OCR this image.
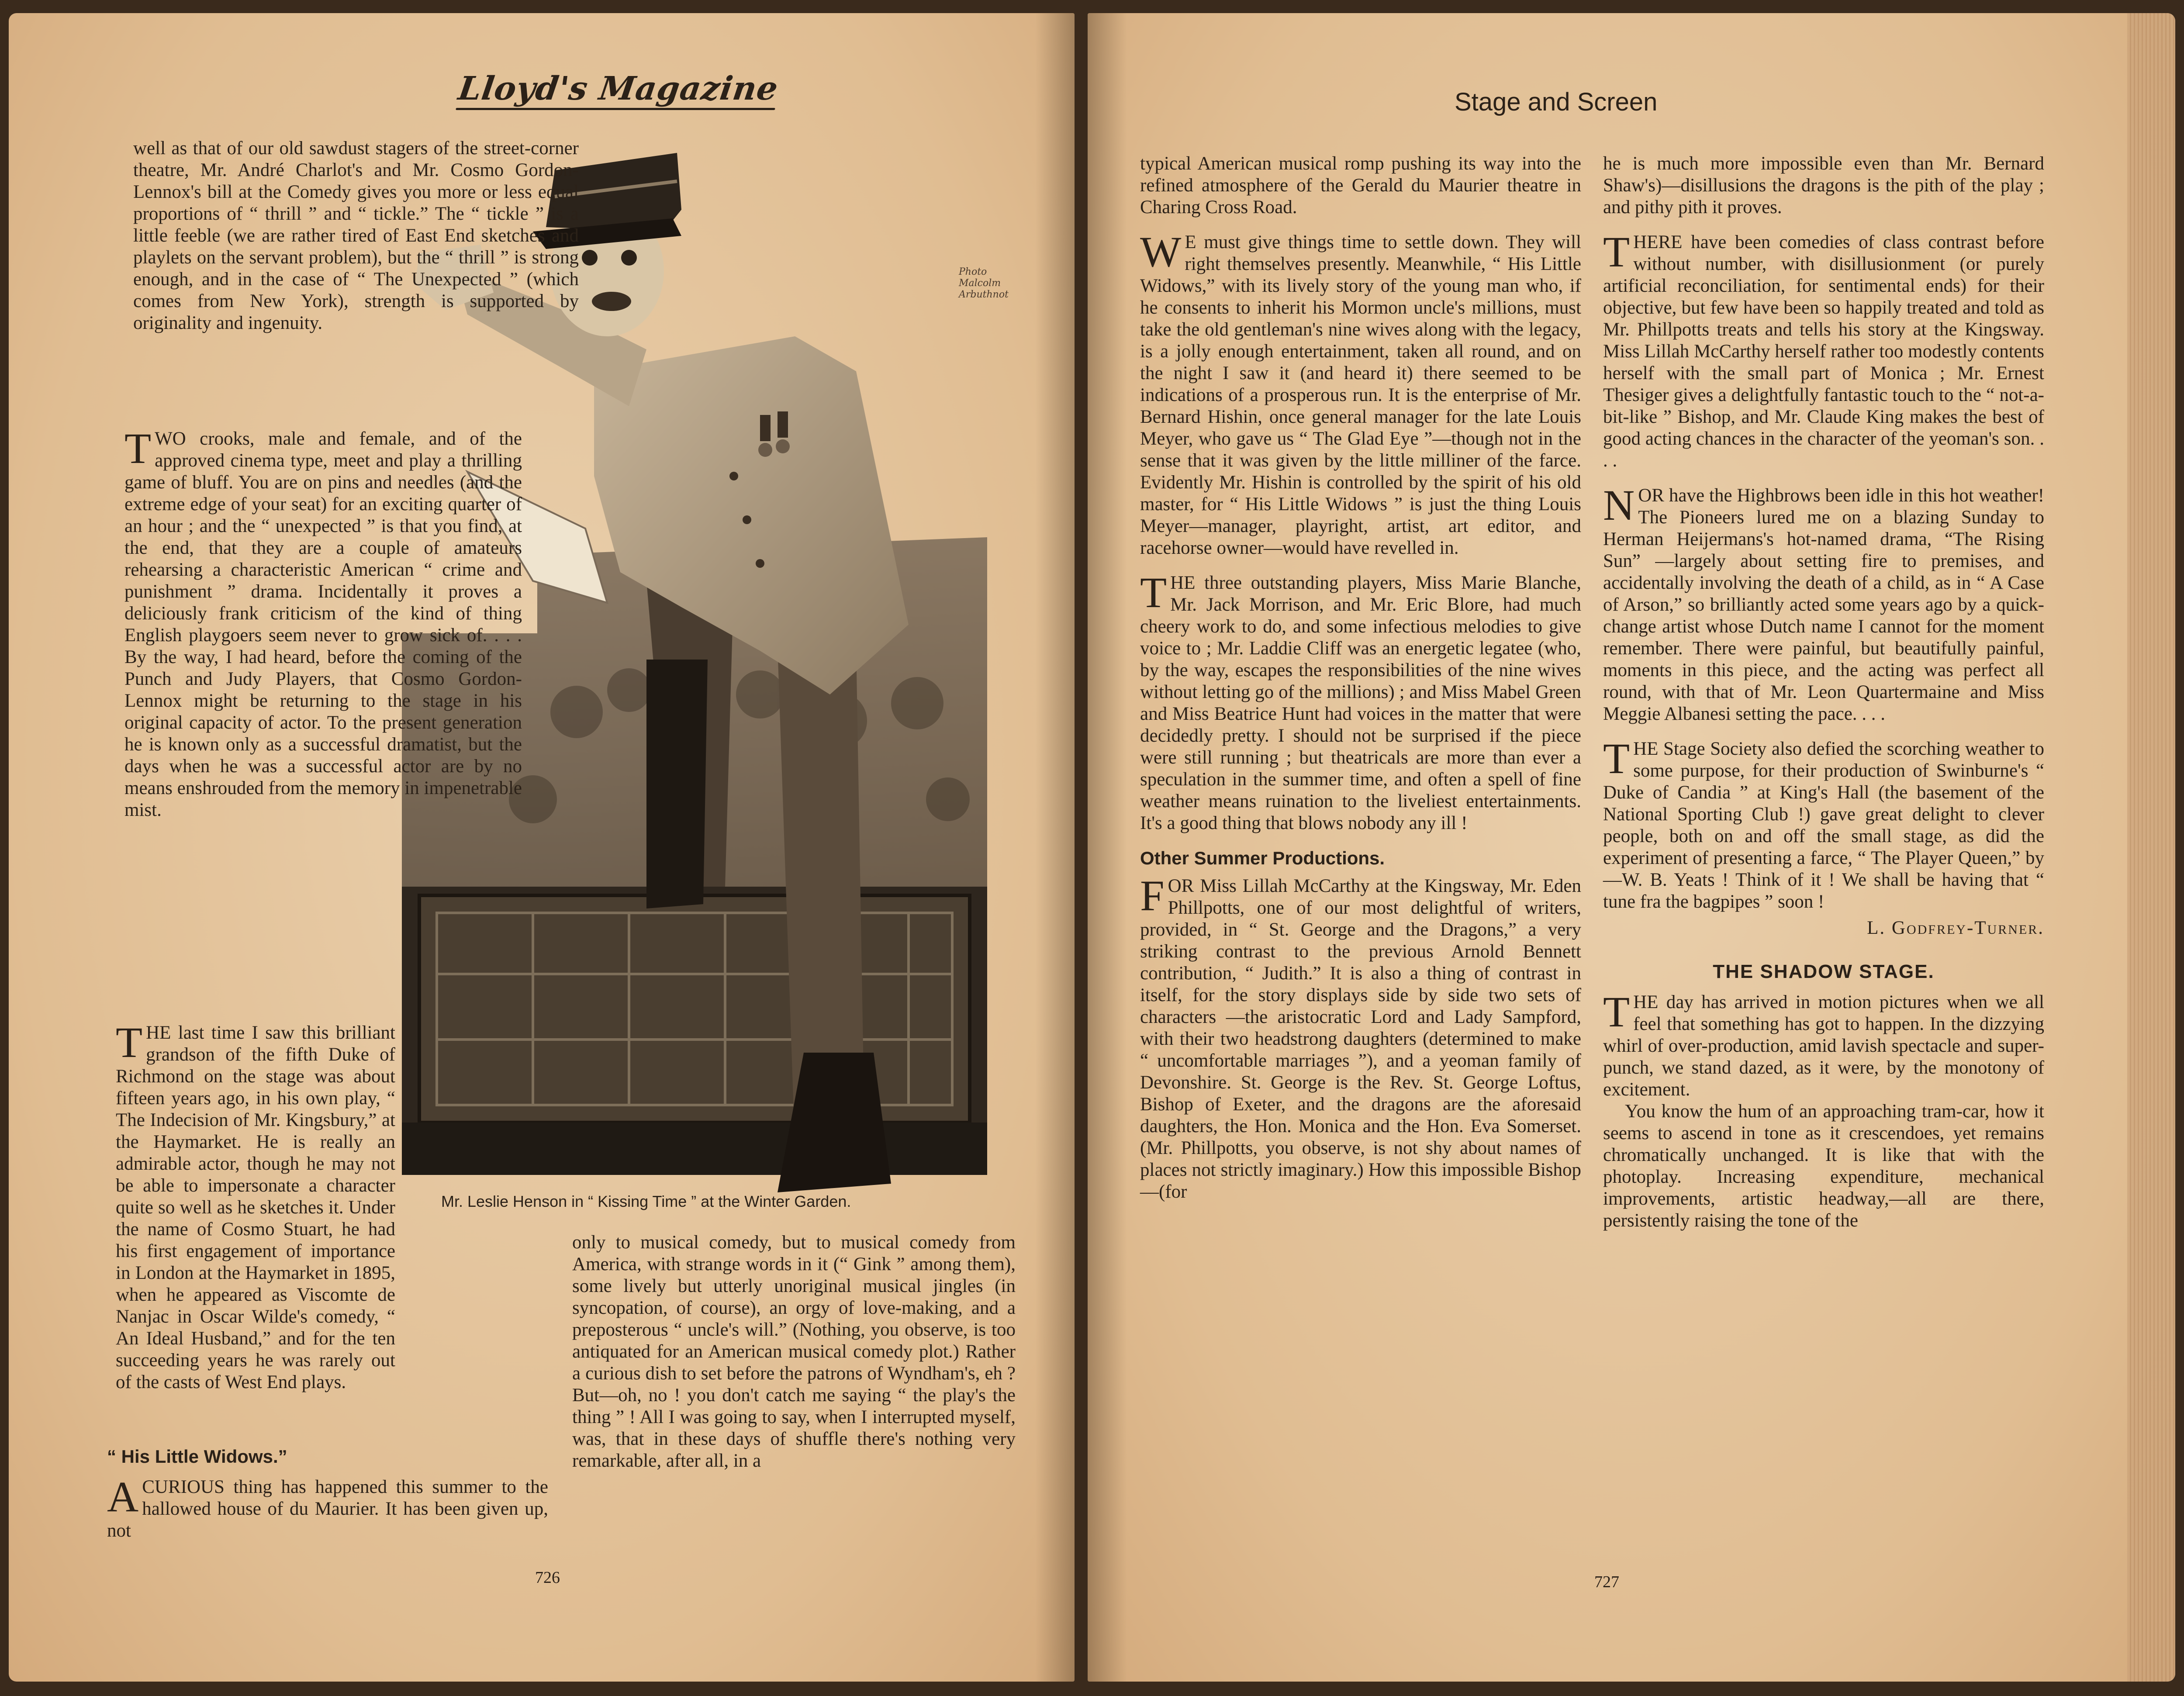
Lloyd's Magazine
Photo
Malcolm
Arbuthnot
Mr. Leslie Henson in “ Kissing Time ” at the Winter Garden.

well as that of our old sawdust stagers of the street-corner theatre, Mr. André Charlot's and Mr. Cosmo Gordon-Lennox's bill at the Comedy gives you more or less equal proportions of “ thrill ” and “ tickle.” The “ tickle ” is a little feeble (we are rather tired of East End sketches and playlets on the servant problem), but the “ thrill ” is strong enough, and in the case of “ The Unexpected ” (which comes from New York), strength is supported by originality and ingenuity.

TWO crooks, male and female, and of the approved cinema type, meet and play a thrilling game of bluff. You are on pins and needles (and the extreme edge of your seat) for an exciting quarter of an hour ; and the “ unexpected ” is that you find, at the end, that they are a couple of amateurs rehearsing a characteristic American “ crime and punishment ” drama. Incidentally it proves a deliciously frank criticism of the kind of thing English playgoers seem never to grow sick of. . . . By the way, I had heard, before the coming of the Punch and Judy Players, that Cosmo Gordon-Lennox might be returning to the stage in his original capacity of actor. To the present generation he is known only as a successful dramatist, but the days when he was a successful actor are by no means enshrouded from the memory in impenetrable mist.

THE last time I saw this brilliant grandson of the fifth Duke of Richmond on the stage was about fifteen years ago, in his own play, “ The Indecision of Mr. Kingsbury,” at the Haymarket. He is really an admirable actor, though he may not be able to impersonate a character quite so well as he sketches it. Under the name of Cosmo Stuart, he had his first engagement of importance in London at the Haymarket in 1895, when he appeared as Viscomte de Nanjac in Oscar Wilde's comedy, “ An Ideal Husband,” and for the ten succeeding years he was rarely out of the casts of West End plays.

“ His Little Widows.”

A CURIOUS thing has happened this summer to the hallowed house of du Maurier. It has been given up, not

only to musical comedy, but to musical comedy from America, with strange words in it (“ Gink ” among them), some lively but utterly unoriginal musical jingles (in syncopation, of course), an orgy of love-making, and a preposterous “ uncle's will.” (Nothing, you observe, is too antiquated for an American musical comedy plot.) Rather a curious dish to set before the patrons of Wyndham's, eh ? But—oh, no ! you don't catch me saying “ the play's the thing ” ! All I was going to say, when I interrupted myself, was, that in these days of shuffle there's nothing very remarkable, after all, in a

726
Stage and Screen

typical American musical romp pushing its way into the refined atmosphere of the Gerald du Maurier theatre in Charing Cross Road.

W E must give things time to settle down. They will right themselves presently. Meanwhile, “ His Little Widows,” with its lively story of the young man who, if he consents to inherit his Mormon uncle's millions, must take the old gentleman's nine wives along with the legacy, is a jolly enough entertainment, taken all round, and on the night I saw it (and heard it) there seemed to be indications of a prosperous run. It is the enterprise of Mr. Bernard Hishin, once general manager for the late Louis Meyer, who gave us “ The Glad Eye ”—though not in the sense that it was given by the little milliner of the farce. Evidently Mr. Hishin is controlled by the spirit of his old master, for “ His Little Widows ” is just the thing Louis Meyer—manager, playright, artist, art editor, and racehorse owner—would have revelled in.

THE three outstanding players, Miss Marie Blanche, Mr. Jack Morrison, and Mr. Eric Blore, had much cheery work to do, and some infectious melodies to give voice to ; Mr. Laddie Cliff was an energetic legatee (who, by the way, escapes the responsibilities of the nine wives without letting go of the millions) ; and Miss Mabel Green and Miss Beatrice Hunt had voices in the matter that were decidedly pretty. I should not be surprised if the piece were still running ; but theatricals are more than ever a speculation in the summer time, and often a spell of fine weather means ruination to the liveliest entertainments. It's a good thing that blows nobody any ill !

Other Summer Productions.

FOR Miss Lillah McCarthy at the Kingsway, Mr. Eden Phillpotts, one of our most delightful of writers, provided, in “ St. George and the Dragons,” a very striking contrast to the previous Arnold Bennett contribution, “ Judith.” It is also a thing of contrast in itself, for the story displays side by side two sets of characters —the aristocratic Lord and Lady Sampford, with their two headstrong daughters (determined to make “ uncomfortable marriages ”), and a yeoman family of Devonshire. St. George is the Rev. St. George Loftus, Bishop of Exeter, and the dragons are the aforesaid daughters, the Hon. Monica and the Hon. Eva Somerset. (Mr. Phillpotts, you observe, is not shy about names of places not strictly imaginary.) How this impossible Bishop—(for

he is much more impossible even than Mr. Bernard Shaw's)—disillusions the dragons is the pith of the play ; and pithy pith it proves.

THERE have been comedies of class contrast before without number, with disillusionment (or purely artificial reconciliation, for sentimental ends) for their objective, but few have been so happily treated and told as Mr. Phillpotts treats and tells his story at the Kingsway. Miss Lillah McCarthy herself rather too modestly contents herself with the small part of Monica ; Mr. Ernest Thesiger gives a delightfully fantastic touch to the “ not-a-bit-like ” Bishop, and Mr. Claude King makes the best of good acting chances in the character of the yeoman's son. . . .

NOR have the Highbrows been idle in this hot weather! The Pioneers lured me on a blazing Sunday to Herman Heijermans's hot-named drama, “The Rising Sun” —largely about setting fire to premises, and accidentally involving the death of a child, as in “ A Case of Arson,” so brilliantly acted some years ago by a quick-change artist whose Dutch name I cannot for the moment remember. There were painful, but beautifully painful, moments in this piece, and the acting was perfect all round, with that of Mr. Leon Quartermaine and Miss Meggie Albanesi setting the pace. . . .

THE Stage Society also defied the scorching weather to some purpose, for their production of Swinburne's “ Duke of Candia ” at King's Hall (the basement of the National Sporting Club !) gave great delight to clever people, both on and off the small stage, as did the experiment of presenting a farce, “ The Player Queen,” by—W. B. Yeats ! Think of it ! We shall be having that “ tune fra the bagpipes ” soon !

L. Godfrey-Turner.

THE SHADOW STAGE.

THE day has arrived in motion pictures when we all feel that something has got to happen. In the dizzying whirl of over-production, amid lavish spectacle and super-punch, we stand dazed, as it were, by the monotony of excitement.

You know the hum of an approaching tram-car, how it seems to ascend in tone as it crescendoes, yet remains chromatically unchanged. It is like that with the photoplay. Increasing expenditure, mechanical improvements, artistic headway,—all are there, persistently raising the tone of the

727
